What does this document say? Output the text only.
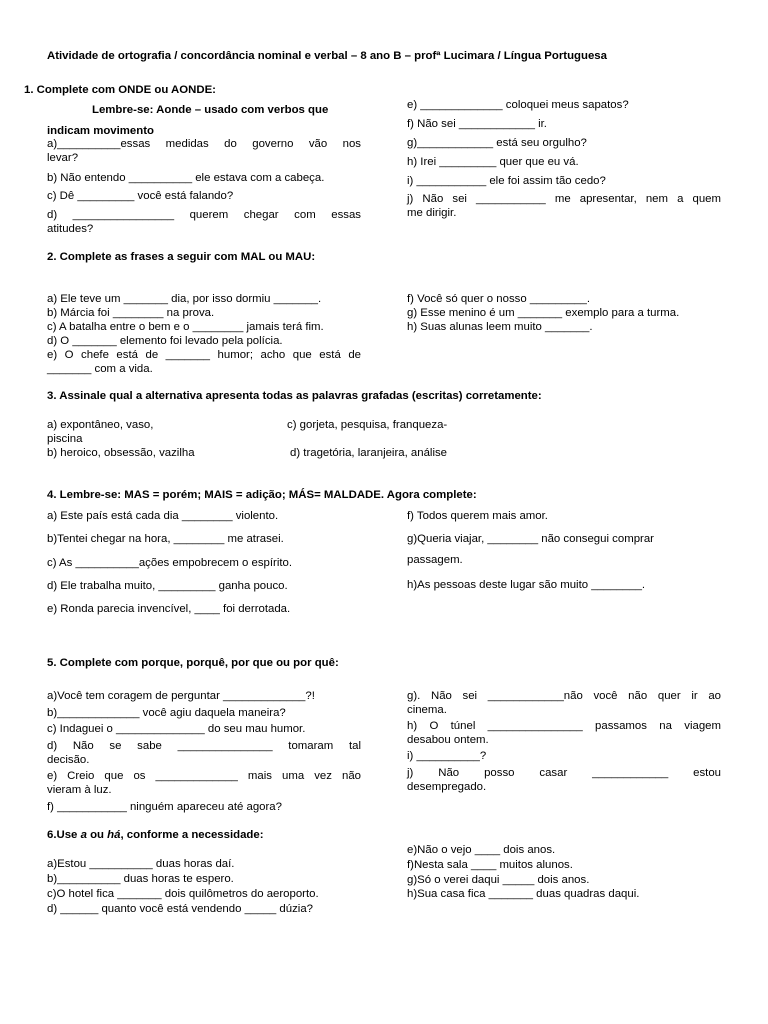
Atividade de ortografia / concordância nominal e verbal – 8 ano B – profª Lucimara / Língua Portuguesa
1. Complete com ONDE ou AONDE:
Lembre-se: Aonde – usado com verbos que
indicam movimento
a)__________essas medidas do governo vão nos
levar?
b) Não entendo __________ ele estava com a cabeça.
c) Dê _________ você está falando?
d) ________________ querem chegar com essas
atitudes?
e) _____________ coloquei meus sapatos?
f) Não sei ____________ ir.
g)____________ está seu orgulho?
h) Irei _________ quer que eu vá.
i) ___________ ele foi assim tão cedo?
j) Não sei ___________ me apresentar, nem a quem
me dirigir.
2. Complete as frases a seguir com MAL ou MAU:
a) Ele teve um _______ dia, por isso dormiu _______.
b) Márcia foi ________ na prova.
c) A batalha entre o bem e o ________ jamais terá fim.
d) O _______ elemento foi levado pela polícia.
e) O chefe está de _______ humor; acho que está de
_______ com a vida.
f) Você só quer o nosso _________.
g) Esse menino é um _______ exemplo para a turma.
h) Suas alunas leem muito _______.
3. Assinale qual a alternativa apresenta todas as palavras grafadas (escritas) corretamente:
a) expontâneo, vaso,
piscina
b) heroico, obsessão, vazilha
c) gorjeta, pesquisa, franqueza-
d) tragetória, laranjeira, análise
4. Lembre-se: MAS = porém; MAIS = adição; MÁS= MALDADE. Agora complete:
a) Este país está cada dia ________ violento.
b)Tentei chegar na hora, ________ me atrasei.
c) As __________ações empobrecem o espírito.
d) Ele trabalha muito, _________ ganha pouco.
e) Ronda parecia invencível, ____ foi derrotada.
f) Todos querem mais amor.
g)Queria viajar, ________ não consegui comprar
passagem.
h)As pessoas deste lugar são muito ________.
5. Complete com porque, porquê, por que ou por quê:
a)Você tem coragem de perguntar _____________?!
b)_____________ você agiu daquela maneira?
c) Indaguei o ______________ do seu mau humor.
d) Não se sabe _______________ tomaram tal
decisão.
e) Creio que os _____________ mais uma vez não
vieram à luz.
f) ___________ ninguém apareceu até agora?
g). Não sei ____________não você não quer ir ao
cinema.
h) O túnel _______________ passamos na viagem
desabou ontem.
i) __________?
j) Não posso casar ____________ estou
desempregado.
6.Use a ou há, conforme a necessidade:
a)Estou __________ duas horas daí.
b)__________ duas horas te espero.
c)O hotel fica _______ dois quilômetros do aeroporto.
d) ______ quanto você está vendendo _____ dúzia?
e)Não o vejo ____ dois anos.
f)Nesta sala ____ muitos alunos.
g)Só o verei daqui _____ dois anos.
h)Sua casa fica _______ duas quadras daqui.
